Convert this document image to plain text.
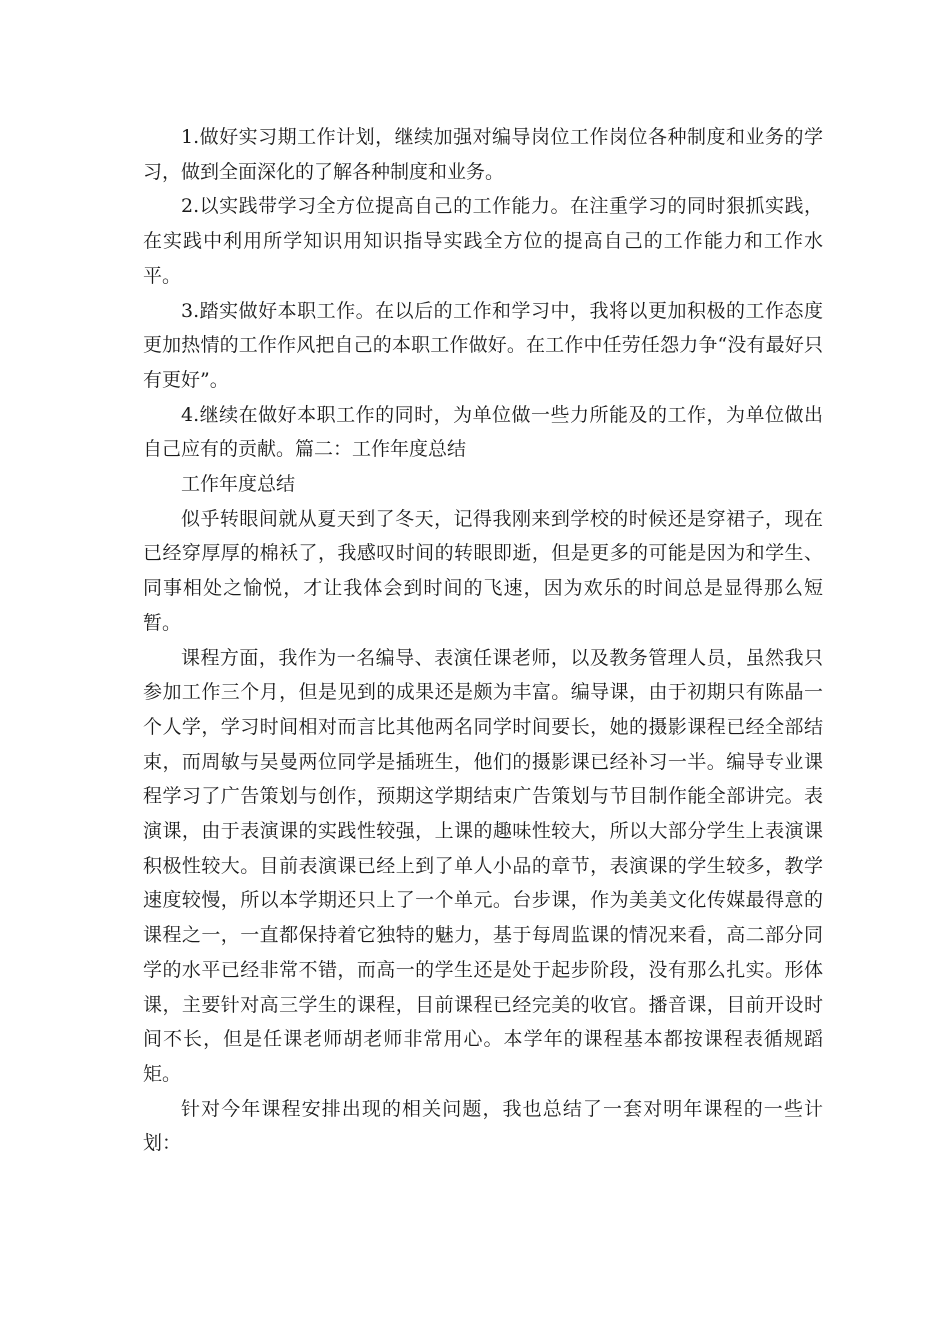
1.做好实习期工作计划，继续加强对编导岗位工作岗位各种制度和业务的学习，做到全面深化的了解各种制度和业务。

2.以实践带学习全方位提高自己的工作能力。在注重学习的同时狠抓实践，在实践中利用所学知识用知识指导实践全方位的提高自己的工作能力和工作水平。

3.踏实做好本职工作。在以后的工作和学习中，我将以更加积极的工作态度更加热情的工作作风把自己的本职工作做好。在工作中任劳任怨力争“没有最好只有更好”。

4.继续在做好本职工作的同时，为单位做一些力所能及的工作，为单位做出自己应有的贡献。篇二：工作年度总结

工作年度总结

似乎转眼间就从夏天到了冬天，记得我刚来到学校的时候还是穿裙子，现在已经穿厚厚的棉袄了，我感叹时间的转眼即逝，但是更多的可能是因为和学生、同事相处之愉悦，才让我体会到时间的飞速，因为欢乐的时间总是显得那么短暂。

课程方面，我作为一名编导、表演任课老师，以及教务管理人员，虽然我只参加工作三个月，但是见到的成果还是颇为丰富。编导课，由于初期只有陈晶一个人学，学习时间相对而言比其他两名同学时间要长，她的摄影课程已经全部结束，而周敏与吴曼两位同学是插班生，他们的摄影课已经补习一半。编导专业课程学习了广告策划与创作，预期这学期结束广告策划与节目制作能全部讲完。表演课，由于表演课的实践性较强，上课的趣味性较大，所以大部分学生上表演课积极性较大。目前表演课已经上到了单人小品的章节，表演课的学生较多，教学速度较慢，所以本学期还只上了一个单元。台步课，作为美美文化传媒最得意的课程之一，一直都保持着它独特的魅力，基于每周监课的情况来看，高二部分同学的水平已经非常不错，而高一的学生还是处于起步阶段，没有那么扎实。形体课，主要针对高三学生的课程，目前课程已经完美的收官。播音课，目前开设时间不长，但是任课老师胡老师非常用心。本学年的课程基本都按课程表循规蹈矩。

针对今年课程安排出现的相关问题，我也总结了一套对明年课程的一些计划：
